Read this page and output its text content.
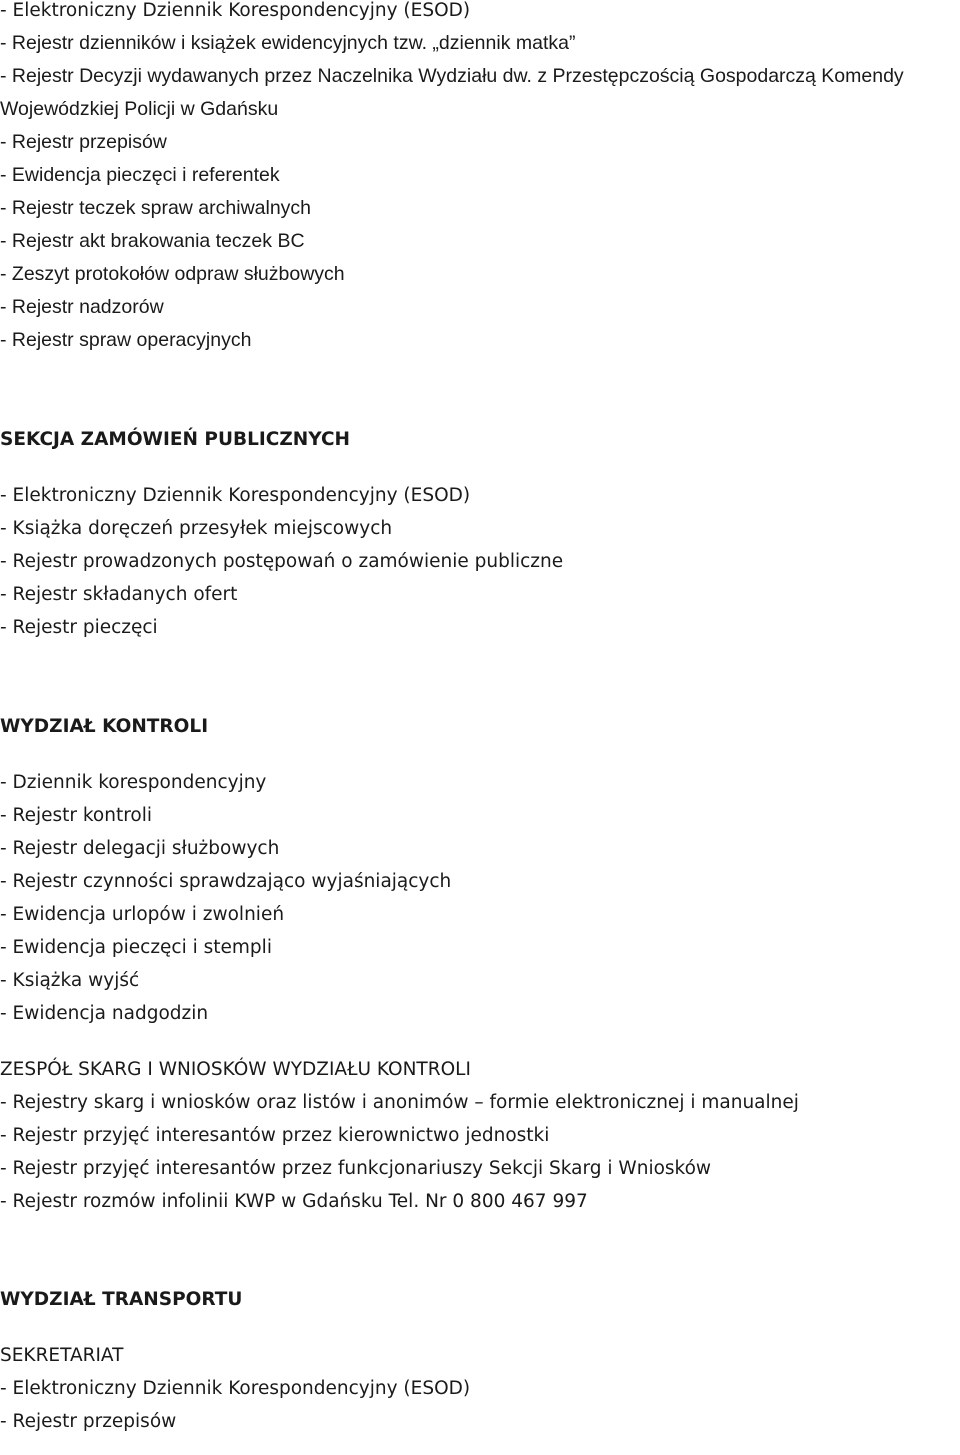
- Elektroniczny Dziennik Korespondencyjny (ESOD)
- Rejestr dzienników i książek ewidencyjnych tzw. „dziennik matka”
- Rejestr Decyzji wydawanych przez Naczelnika Wydziału dw. z Przestępczością Gospodarczą Komendy
Wojewódzkiej Policji w Gdańsku
- Rejestr przepisów
- Ewidencja pieczęci i referentek
- Rejestr teczek spraw archiwalnych
- Rejestr akt brakowania teczek BC
- Zeszyt protokołów odpraw służbowych
- Rejestr nadzorów
- Rejestr spraw operacyjnych
SEKCJA ZAMÓWIEŃ PUBLICZNYCH
- Elektroniczny Dziennik Korespondencyjny (ESOD)
- Książka doręczeń przesyłek miejscowych
- Rejestr prowadzonych postępowań o zamówienie publiczne
- Rejestr składanych ofert
- Rejestr pieczęci
WYDZIAŁ KONTROLI
- Dziennik korespondencyjny
- Rejestr kontroli
- Rejestr delegacji służbowych
- Rejestr czynności sprawdzająco wyjaśniających
- Ewidencja urlopów i zwolnień
- Ewidencja pieczęci i stempli
- Książka wyjść
- Ewidencja nadgodzin
ZESPÓŁ SKARG I WNIOSKÓW WYDZIAŁU KONTROLI
- Rejestry skarg i wniosków oraz listów i anonimów – formie elektronicznej i manualnej
- Rejestr przyjęć interesantów przez kierownictwo jednostki
- Rejestr przyjęć interesantów przez funkcjonariuszy Sekcji Skarg i Wniosków
- Rejestr rozmów infolinii KWP w Gdańsku Tel. Nr 0 800 467 997
WYDZIAŁ TRANSPORTU
SEKRETARIAT
- Elektroniczny Dziennik Korespondencyjny (ESOD)
- Rejestr przepisów
